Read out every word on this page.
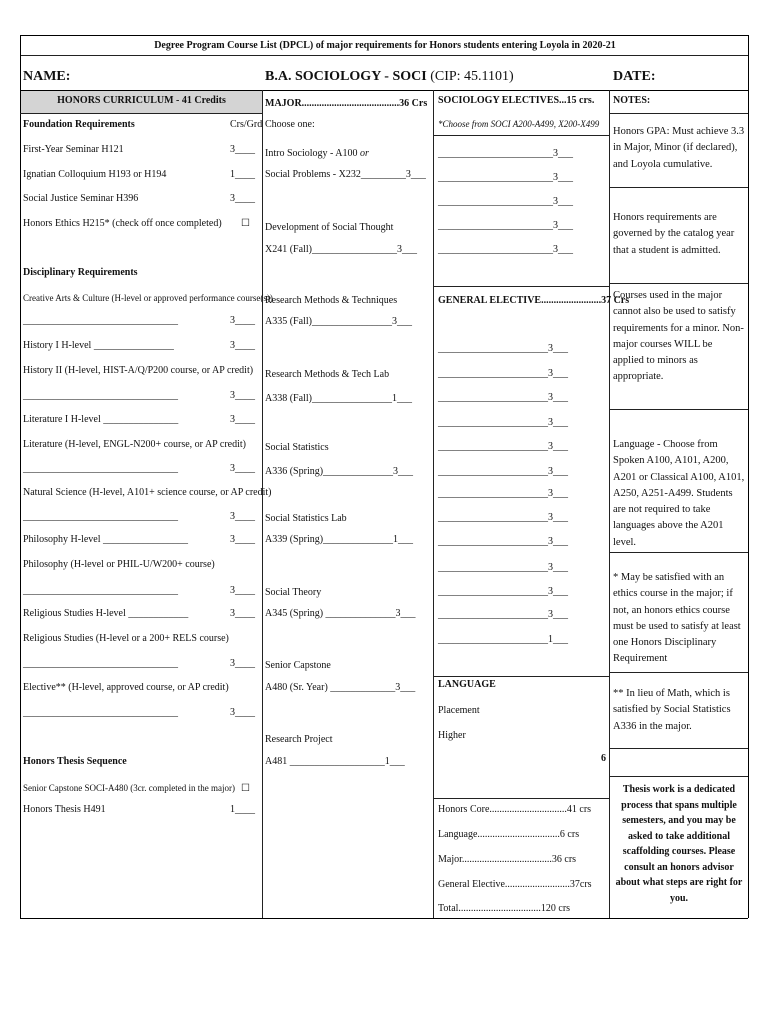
Degree Program Course List (DPCL) of major requirements for Honors students entering Loyola in 2020-21
NAME:	B.A. SOCIOLOGY - SOCI (CIP: 45.1101)	DATE:
HONORS CURRICULUM - 41 Credits
Foundation Requirements	Crs/Grd
First-Year Seminar H121	3____
Ignatian Colloquium H193 or H194	1____
Social Justice Seminar H396	3____
Honors Ethics H215* (check off once completed) ☐
Disciplinary Requirements
Creative Arts & Culture (H-level or approved performance course(s))
_______________________________	3____
History I H-level ________________	3____
History II (H-level, HIST-A/Q/P200 course, or AP credit)
_______________________________	3____
Literature I H-level _______________	3____
Literature (H-level, ENGL-N200+ course, or AP credit)
_______________________________	3____
Natural Science (H-level, A101+ science course, or AP credit)
_______________________________	3____
Philosophy H-level _________________	3____
Philosophy (H-level or PHIL-U/W200+ course)
_______________________________	3____
Religious Studies H-level ____________	3____
Religious Studies (H-level or a 200+ RELS course)
_______________________________	3____
Elective** (H-level, approved course, or AP credit)
_______________________________	3____
Honors Thesis Sequence
Senior Capstone SOCI-A480 (3cr. completed in the major) ☐
Honors Thesis H491	1____
MAJOR.......................................36 Crs
Choose one:
Intro Sociology - A100 or
Social Problems - X232_________3___
Development of Social Thought
X241 (Fall)_________________3___
Research Methods & Techniques
A335 (Fall)________________3___
Research Methods & Tech Lab
A338 (Fall)________________1___
Social Statistics
A336 (Spring)______________3___
Social Statistics Lab
A339 (Spring)______________1___
Social Theory
A345 (Spring) ______________3___
Senior Capstone
A480 (Sr. Year) _____________3___
Research Project
A481 ___________________1___
SOCIOLOGY ELECTIVES...15 crs.
*Choose from SOCI A200-A499, X200-X499
_______________________3___
_______________________3___
_______________________3___
_______________________3___
_______________________3___
GENERAL ELECTIVE........................37 Crs
______________________3___
______________________3___
______________________3___
______________________3___
______________________3___
______________________3___
______________________3___
______________________3___
______________________3___
______________________3___
______________________3___
______________________3___
______________________1___
LANGUAGE
Placement
Higher
6
Honors Core...............................41 crs
Language.................................6 crs
Major....................................36 crs
General Elective..........................37crs
Total.................................120 crs
NOTES:
Honors GPA: Must achieve 3.3 in Major, Minor (if declared), and Loyola cumulative.
Honors requirements are governed by the catalog year that a student is admitted.
Courses used in the major cannot also be used to satisfy requirements for a minor. Non-major courses WILL be applied to minors as appropriate.
Language - Choose from Spoken A100, A101, A200, A201 or Classical A100, A101, A250, A251-A499. Students are not required to take languages above the A201 level.
* May be satisfied with an ethics course in the major; if not, an honors ethics course must be used to satisfy at least one Honors Disciplinary Requirement
** In lieu of Math, which is satisfied by Social Statistics A336 in the major.
Thesis work is a dedicated process that spans multiple semesters, and you may be asked to take additional scaffolding courses. Please consult an honors advisor about what steps are right for you.
